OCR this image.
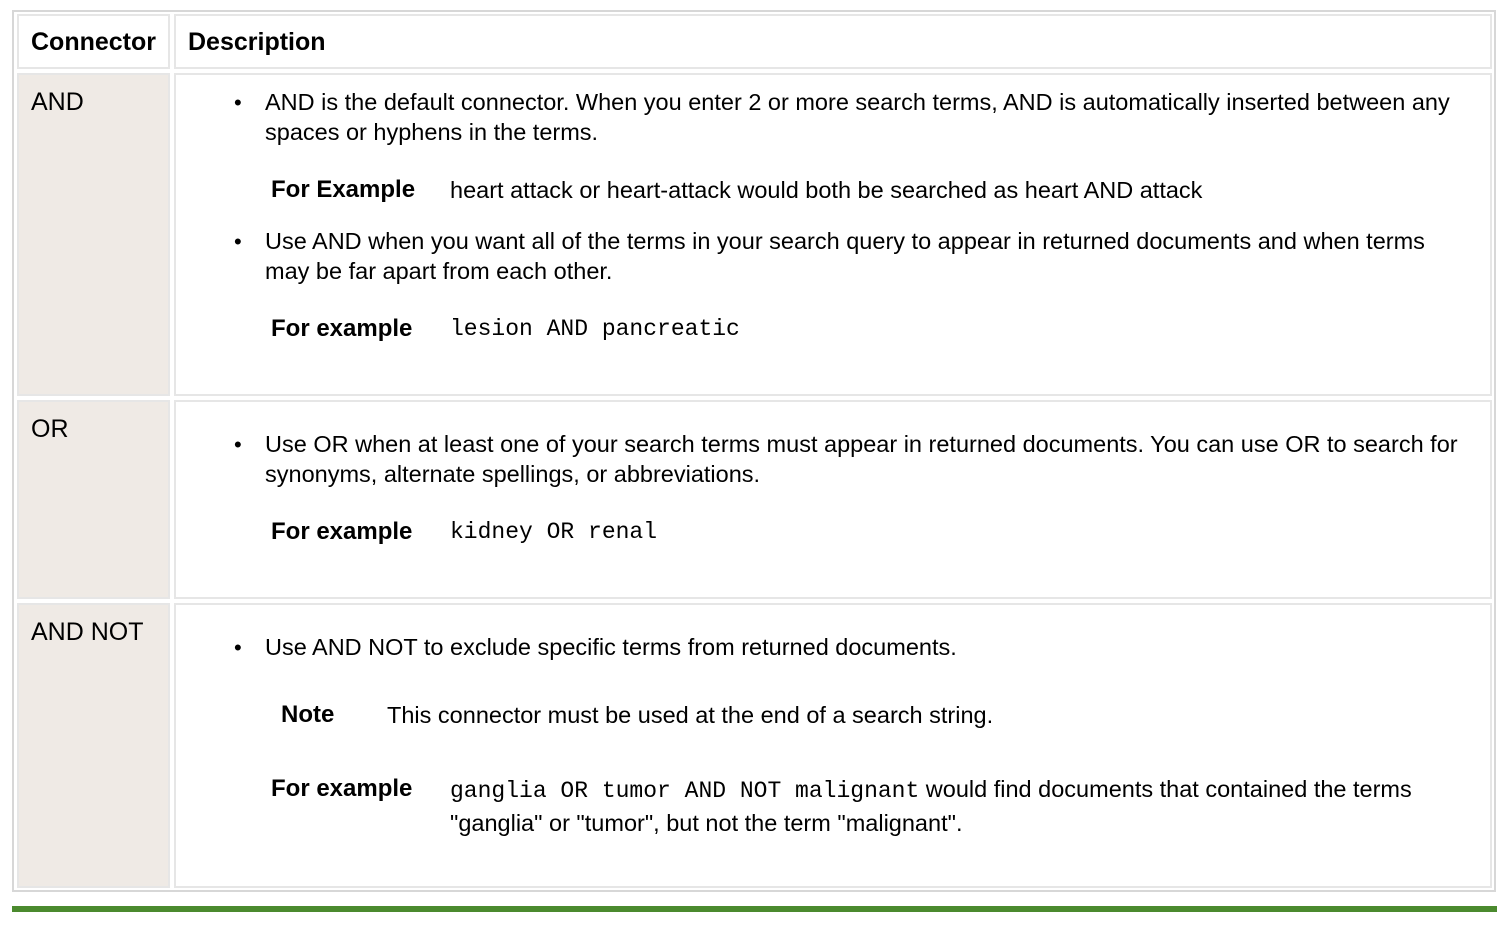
Connector Description
AND	• AND is the default connector. When you enter 2 or more search terms, AND is automatically inserted between any spaces or hyphens in the terms.
For Example heart attack or heart-attack would both be searched as heart AND attack
• Use AND when you want all of the terms in your search query to appear in returned documents and when terms may be far apart from each other.
For example lesion AND pancreatic
OR
• Use OR when at least one of your search terms must appear in returned documents. You can use OR to search for synonyms, alternate spellings, or abbreviations.
For example kidney OR renal
AND NOT
• Use AND NOT to exclude specific terms from returned documents.
Note This connector must be used at the end of a search string.
For example ganglia OR tumor AND NOT malignant would find documents that contained the terms "ganglia" or "tumor", but not the term "malignant".
